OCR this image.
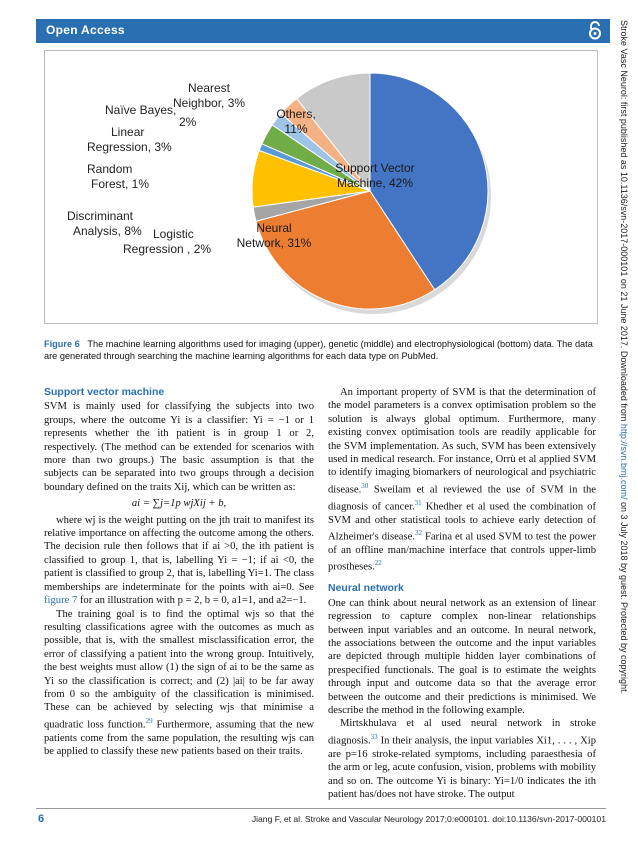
Open Access	Stroke Vasc Neurol: first published as 10.1136/svn-2017-000101 on 21 June 2017. Downloaded from http://svn.bmj.com/ on 3 July 2018 by guest. Protected by copyright.
Nearest
Neighbor, 3%
Naïve Bayes,
2%
Linear
Regression, 3%
Random
Forest, 1%
Discriminant
Analysis, 8% Logistic
Regression , 2%
Others,
11%
Support Vector
Machine, 42%
Neural
Network, 31%
Figure 6 The machine learning algorithms used for imaging (upper), genetic (middle) and electrophysiological (bottom) data. The data are generated through searching the machine learning algorithms for each data type on PubMed.
Support vector machine

SVM is mainly used for classifying the subjects into two groups, where the outcome Yi is a classifier: Yi = −1 or 1 represents whether the ith patient is in group 1 or 2, respectively. (The method can be extended for scenarios with more than two groups.) The basic assumption is that the subjects can be separated into two groups through a decision boundary defined on the traits Xij, which can be written as:

ai = ∑j=1p wjXij + b,

where wj is the weight putting on the jth trait to manifest its relative importance on affecting the outcome among the others. The decision rule then follows that if ai >0, the ith patient is classified to group 1, that is, labelling Yi = −1; if ai <0, the patient is classified to group 2, that is, labelling Yi=1. The class memberships are indeterminate for the points with ai=0. See figure 7 for an illustration with p = 2, b = 0, a1=1, and a2=−1.

The training goal is to find the optimal wjs so that the resulting classifications agree with the outcomes as much as possible, that is, with the smallest misclassification error, the error of classifying a patient into the wrong group. Intuitively, the best weights must allow (1) the sign of ai to be the same as Yi so the classification is correct; and (2) |ai| to be far away from 0 so the ambiguity of the classification is minimised. These can be achieved by selecting wjs that minimise a quadratic loss function.$^{29}$ Furthermore, assuming that the new patients come from the same population, the resulting wjs can be applied to classify these new patients based on their traits.

An important property of SVM is that the determination of the model parameters is a convex optimisation problem so the solution is always global optimum. Furthermore, many existing convex optimisation tools are readily applicable for the SVM implementation. As such, SVM has been extensively used in medical research. For instance, Orrù et al applied SVM to identify imaging biomarkers of neurological and psychiatric disease.$^{30}$ Sweilam et al reviewed the use of SVM in the diagnosis of cancer.$^{31}$ Khedher et al used the combination of SVM and other statistical tools to achieve early detection of Alzheimer's disease.$^{32}$ Farina et al used SVM to test the power of an offline man/machine interface that controls upper-limb prostheses.$^{22}$

Neural network

One can think about neural network as an extension of linear regression to capture complex non-linear relationships between input variables and an outcome. In neural network, the associations between the outcome and the input variables are depicted through multiple hidden layer combinations of prespecified functionals. The goal is to estimate the weights through input and outcome data so that the average error between the outcome and their predictions is minimised. We describe the method in the following example.

Mirtskhulava et al used neural network in stroke diagnosis.$^{33}$ In their analysis, the input variables Xi1, . . . , Xip are p=16 stroke-related symptoms, including paraesthesia of the arm or leg, acute confusion, vision, problems with mobility and so on. The outcome Yi is binary: Yi=1/0 indicates the ith patient has/does not have stroke. The output

6	Jiang F, et al. Stroke and Vascular Neurology 2017;0:e000101. doi:10.1136/svn-2017-000101
